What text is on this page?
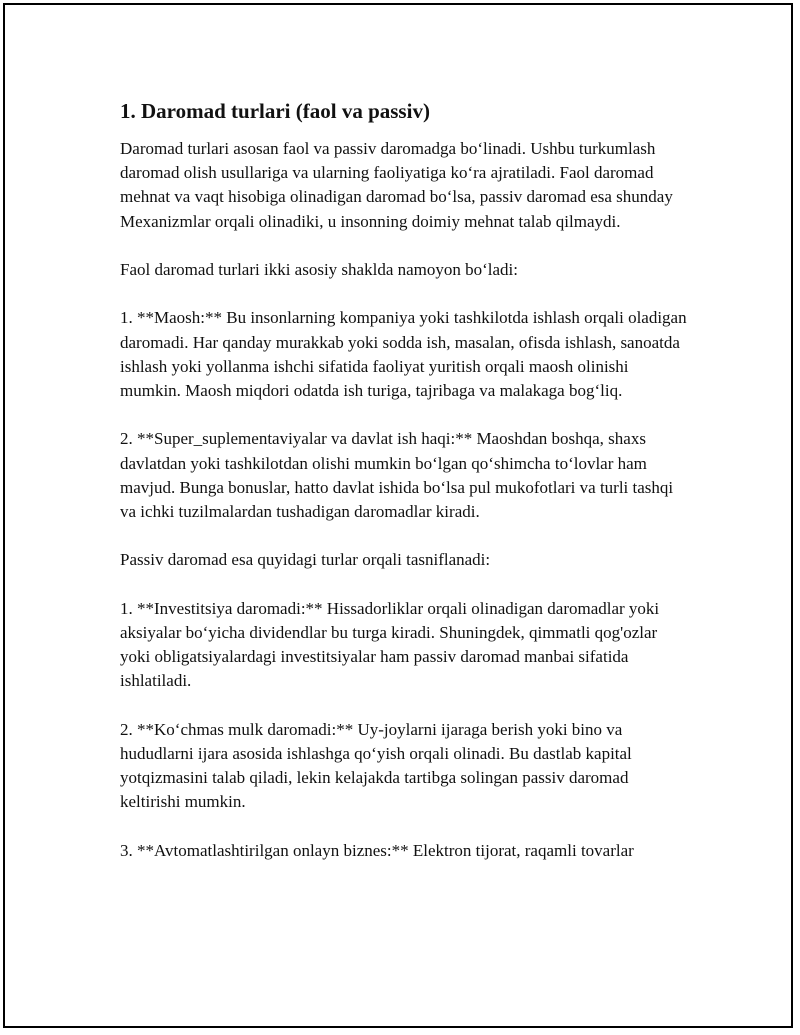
1. Daromad turlari (faol va passiv)

Daromad turlari asosan faol va passiv daromadga bo‘linadi. Ushbu turkumlash daromad olish usullariga va ularning faoliyatiga ko‘ra ajratiladi. Faol daromad mehnat va vaqt hisobiga olinadigan daromad bo‘lsa, passiv daromad esa shunday Mexanizmlar orqali olinadiki, u insonning doimiy mehnat talab qilmaydi.

Faol daromad turlari ikki asosiy shaklda namoyon bo‘ladi:

1. **Maosh:** Bu insonlarning kompaniya yoki tashkilotda ishlash orqali oladigan daromadi. Har qanday murakkab yoki sodda ish, masalan, ofisda ishlash, sanoatda ishlash yoki yollanma ishchi sifatida faoliyat yuritish orqali maosh olinishi mumkin. Maosh miqdori odatda ish turiga, tajribaga va malakaga bog‘liq.

2. **Super_suplementaviyalar va davlat ish haqi:** Maoshdan boshqa, shaxs davlatdan yoki tashkilotdan olishi mumkin bo‘lgan qo‘shimcha to‘lovlar ham mavjud. Bunga bonuslar, hatto davlat ishida bo‘lsa pul mukofotlari va turli tashqi va ichki tuzilmalardan tushadigan daromadlar kiradi.

Passiv daromad esa quyidagi turlar orqali tasniflanadi:

1. **Investitsiya daromadi:** Hissadorliklar orqali olinadigan daromadlar yoki aksiyalar bo‘yicha dividendlar bu turga kiradi. Shuningdek, qimmatli qog'ozlar yoki obligatsiyalardagi investitsiyalar ham passiv daromad manbai sifatida ishlatiladi.

2. **Ko‘chmas mulk daromadi:** Uy-joylarni ijaraga berish yoki bino va hududlarni ijara asosida ishlashga qo‘yish orqali olinadi. Bu dastlab kapital yotqizmasini talab qiladi, lekin kelajakda tartibga solingan passiv daromad keltirishi mumkin.

3. **Avtomatlashtirilgan onlayn biznes:** Elektron tijorat, raqamli tovarlar
